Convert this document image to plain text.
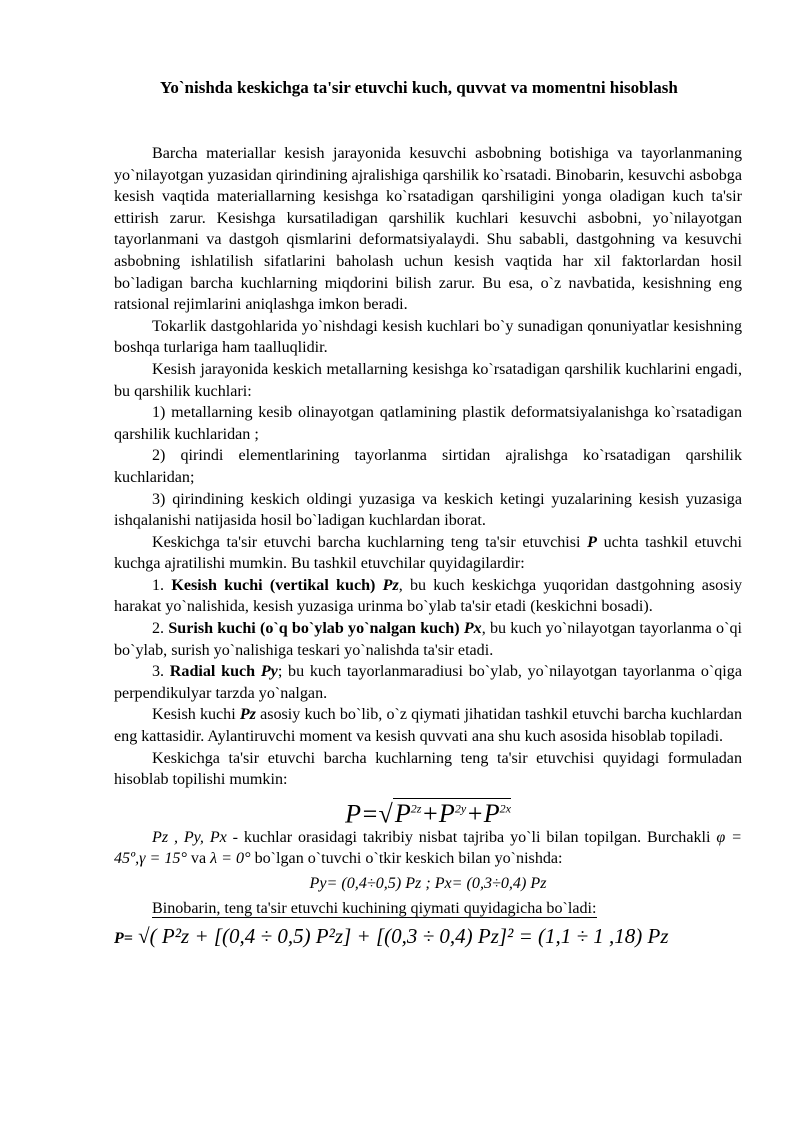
Yo`nishda keskichga ta'sir etuvchi kuch, quvvat va momentni hisoblash

Barcha materiallar kesish jarayonida kesuvchi asbobning botishiga va tayorlanmaning yo`nilayotgan yuzasidan qirindining ajralishiga qarshilik ko`rsatadi. Binobarin, kesuvchi asbobga kesish vaqtida materiallarning kesishga ko`rsatadigan qarshiligini yonga oladigan kuch ta'sir ettirish zarur. Kesishga kursatiladigan qarshilik kuchlari kesuvchi asbobni, yo`nilayotgan tayorlanmani va dastgoh qismlarini deformatsiyalaydi. Shu sababli, dastgohning va kesuvchi asbobning ishlatilish sifatlarini baholash uchun kesish vaqtida har xil faktorlardan hosil bo`ladigan barcha kuchlarning miqdorini bilish zarur. Bu esa, o`z navbatida, kesishning eng ratsional rejimlarini aniqlashga imkon beradi.

Tokarlik dastgohlarida yo`nishdagi kesish kuchlari bo`y sunadigan qonuniyatlar kesishning boshqa turlariga ham taalluqlidir.

Kesish jarayonida keskich metallarning kesishga ko`rsatadigan qarshilik kuchlarini engadi, bu qarshilik kuchlari:

1) metallarning kesib olinayotgan qatlamining plastik deformatsiyalanishga ko`rsatadigan qarshilik kuchlaridan ;

2) qirindi elementlarining tayorlanma sirtidan ajralishga ko`rsatadigan qarshilik kuchlaridan;

3) qirindining keskich oldingi yuzasiga va keskich ketingi yuzalarining kesish yuzasiga ishqalanishi natijasida hosil bo`ladigan kuchlardan iborat.

Keskichga ta'sir etuvchi barcha kuchlarning teng ta'sir etuvchisi P uchta tashkil etuvchi kuchga ajratilishi mumkin. Bu tashkil etuvchilar quyidagilardir:

1. Kesish kuchi (vertikal kuch) Pz, bu kuch keskichga yuqoridan dastgohning asosiy harakat yo`nalishida, kesish yuzasiga urinma bo`ylab ta'sir etadi (keskichni bosadi).

2. Surish kuchi (o`q bo`ylab yo`nalgan kuch) Px, bu kuch yo`nilayotgan tayorlanma o`qi bo`ylab, surish yo`nalishiga teskari yo`nalishda ta'sir etadi.

3. Radial kuch Py; bu kuch tayorlanmaradiusi bo`ylab, yo`nilayotgan tayorlanma o`qiga perpendikulyar tarzda yo`nalgan.

Kesish kuchi Pz asosiy kuch bo`lib, o`z qiymati jihatidan tashkil etuvchi barcha kuchlardan eng kattasidir. Aylantiruvchi moment va kesish quvvati ana shu kuch asosida hisoblab topiladi.

Keskichga ta'sir etuvchi barcha kuchlarning teng ta'sir etuvchisi quyidagi formuladan hisoblab topilishi mumkin:

$P=√P^{2z}+P^{2y}+P^{2x}$

Pz , Py, Px - kuchlar orasidagi takribiy nisbat tajriba yo`li bilan topilgan. Burchakli φ = 45º,γ = 15° va λ = 0° bo`lgan o`tuvchi o`tkir keskich bilan yo`nishda:

Py= (0,4÷0,5) Pz ; Px= (0,3÷0,4) Pz

Binobarin, teng ta'sir etuvchi kuchining qiymati quyidagicha bo`ladi:

P= √( P²z + [(0,4 ÷ 0,5) P²z] + [(0,3 ÷ 0,4) Pz]² = (1,1 ÷ 1 ,18) Pz
